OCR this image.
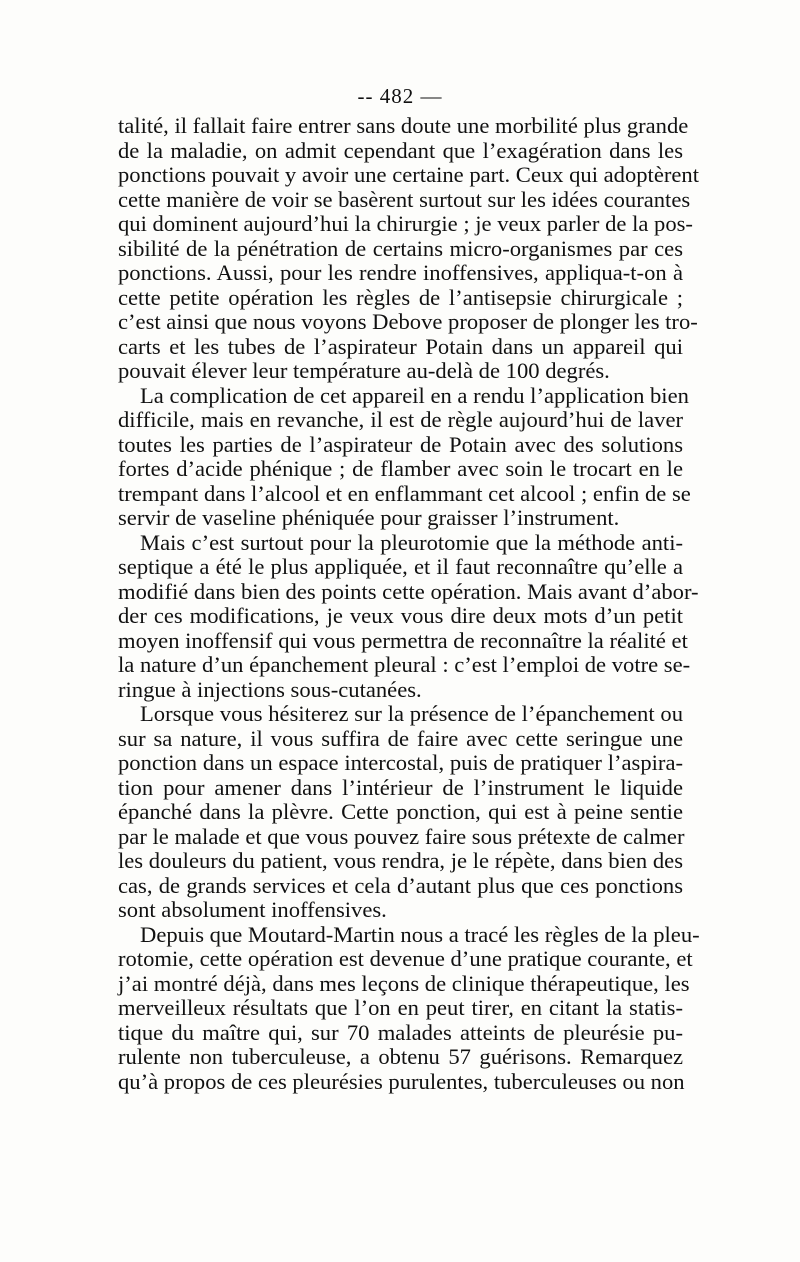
-- 482 —
talité, il fallait faire entrer sans doute une morbilité plus grande
de la maladie, on admit cependant que l’exagération dans les
ponctions pouvait y avoir une certaine part. Ceux qui adoptèrent
cette manière de voir se basèrent surtout sur les idées courantes
qui dominent aujourd’hui la chirurgie ; je veux parler de la pos-
sibilité de la pénétration de certains micro-organismes par ces
ponctions. Aussi, pour les rendre inoffensives, appliqua-t-on à
cette petite opération les règles de l’antisepsie chirurgicale ;
c’est ainsi que nous voyons Debove proposer de plonger les tro-
carts et les tubes de l’aspirateur Potain dans un appareil qui
pouvait élever leur température au-delà de 100 degrés.
La complication de cet appareil en a rendu l’application bien
difficile, mais en revanche, il est de règle aujourd’hui de laver
toutes les parties de l’aspirateur de Potain avec des solutions
fortes d’acide phénique ; de flamber avec soin le trocart en le
trempant dans l’alcool et en enflammant cet alcool ; enfin de se
servir de vaseline phéniquée pour graisser l’instrument.
Mais c’est surtout pour la pleurotomie que la méthode anti-
septique a été le plus appliquée, et il faut reconnaître qu’elle a
modifié dans bien des points cette opération. Mais avant d’abor-
der ces modifications, je veux vous dire deux mots d’un petit
moyen inoffensif qui vous permettra de reconnaître la réalité et
la nature d’un épanchement pleural : c’est l’emploi de votre se-
ringue à injections sous-cutanées.
Lorsque vous hésiterez sur la présence de l’épanchement ou
sur sa nature, il vous suffira de faire avec cette seringue une
ponction dans un espace intercostal, puis de pratiquer l’aspira-
tion pour amener dans l’intérieur de l’instrument le liquide
épanché dans la plèvre. Cette ponction, qui est à peine sentie
par le malade et que vous pouvez faire sous prétexte de calmer
les douleurs du patient, vous rendra, je le répète, dans bien des
cas, de grands services et cela d’autant plus que ces ponctions
sont absolument inoffensives.
Depuis que Moutard-Martin nous a tracé les règles de la pleu-
rotomie, cette opération est devenue d’une pratique courante, et
j’ai montré déjà, dans mes leçons de clinique thérapeutique, les
merveilleux résultats que l’on en peut tirer, en citant la statis-
tique du maître qui, sur 70 malades atteints de pleurésie pu-
rulente non tuberculeuse, a obtenu 57 guérisons. Remarquez
qu’à propos de ces pleurésies purulentes, tuberculeuses ou non
